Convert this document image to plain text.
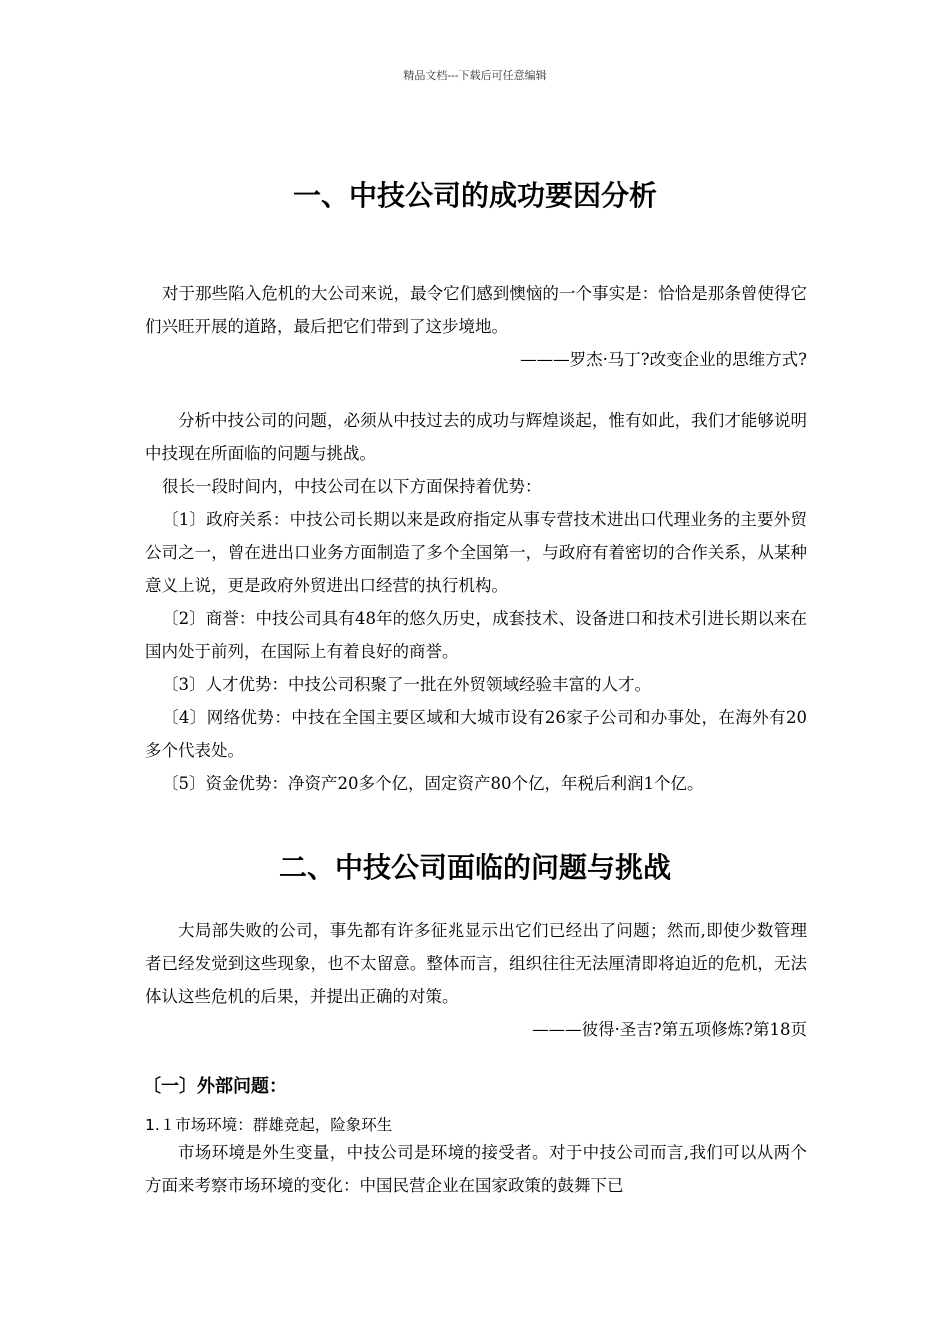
精品文档---下载后可任意编辑
一、中技公司的成功要因分析

对于那些陷入危机的大公司来说，最令它们感到懊恼的一个事实是：恰恰是那条曾使得它们兴旺开展的道路，最后把它们带到了这步境地。

———罗杰·马丁?改变企业的思维方式?

分析中技公司的问题，必须从中技过去的成功与辉煌谈起，惟有如此，我们才能够说明中技现在所面临的问题与挑战。

很长一段时间内，中技公司在以下方面保持着优势：

〔1〕政府关系：中技公司长期以来是政府指定从事专营技术进出口代理业务的主要外贸公司之一，曾在进出口业务方面制造了多个全国第一，与政府有着密切的合作关系，从某种意义上说，更是政府外贸进出口经营的执行机构。

〔2〕商誉：中技公司具有48年的悠久历史，成套技术、设备进口和技术引进长期以来在国内处于前列，在国际上有着良好的商誉。

〔3〕人才优势：中技公司积聚了一批在外贸领域经验丰富的人才。

〔4〕网络优势：中技在全国主要区域和大城市设有26家子公司和办事处，在海外有20多个代表处。

〔5〕资金优势：净资产20多个亿，固定资产80个亿，年税后利润1个亿。

二、中技公司面临的问题与挑战

大局部失败的公司，事先都有许多征兆显示出它们已经出了问题；然而,即使少数管理者已经发觉到这些现象，也不太留意。整体而言，组织往往无法厘清即将迫近的危机，无法体认这些危机的后果，并提出正确的对策。

———彼得·圣吉?第五项修炼?第18页

〔一〕外部问题：
1.１市场环境：群雄竞起，险象环生

市场环境是外生变量，中技公司是环境的接受者。对于中技公司而言,我们可以从两个方面来考察市场环境的变化：中国民营企业在国家政策的鼓舞下已
